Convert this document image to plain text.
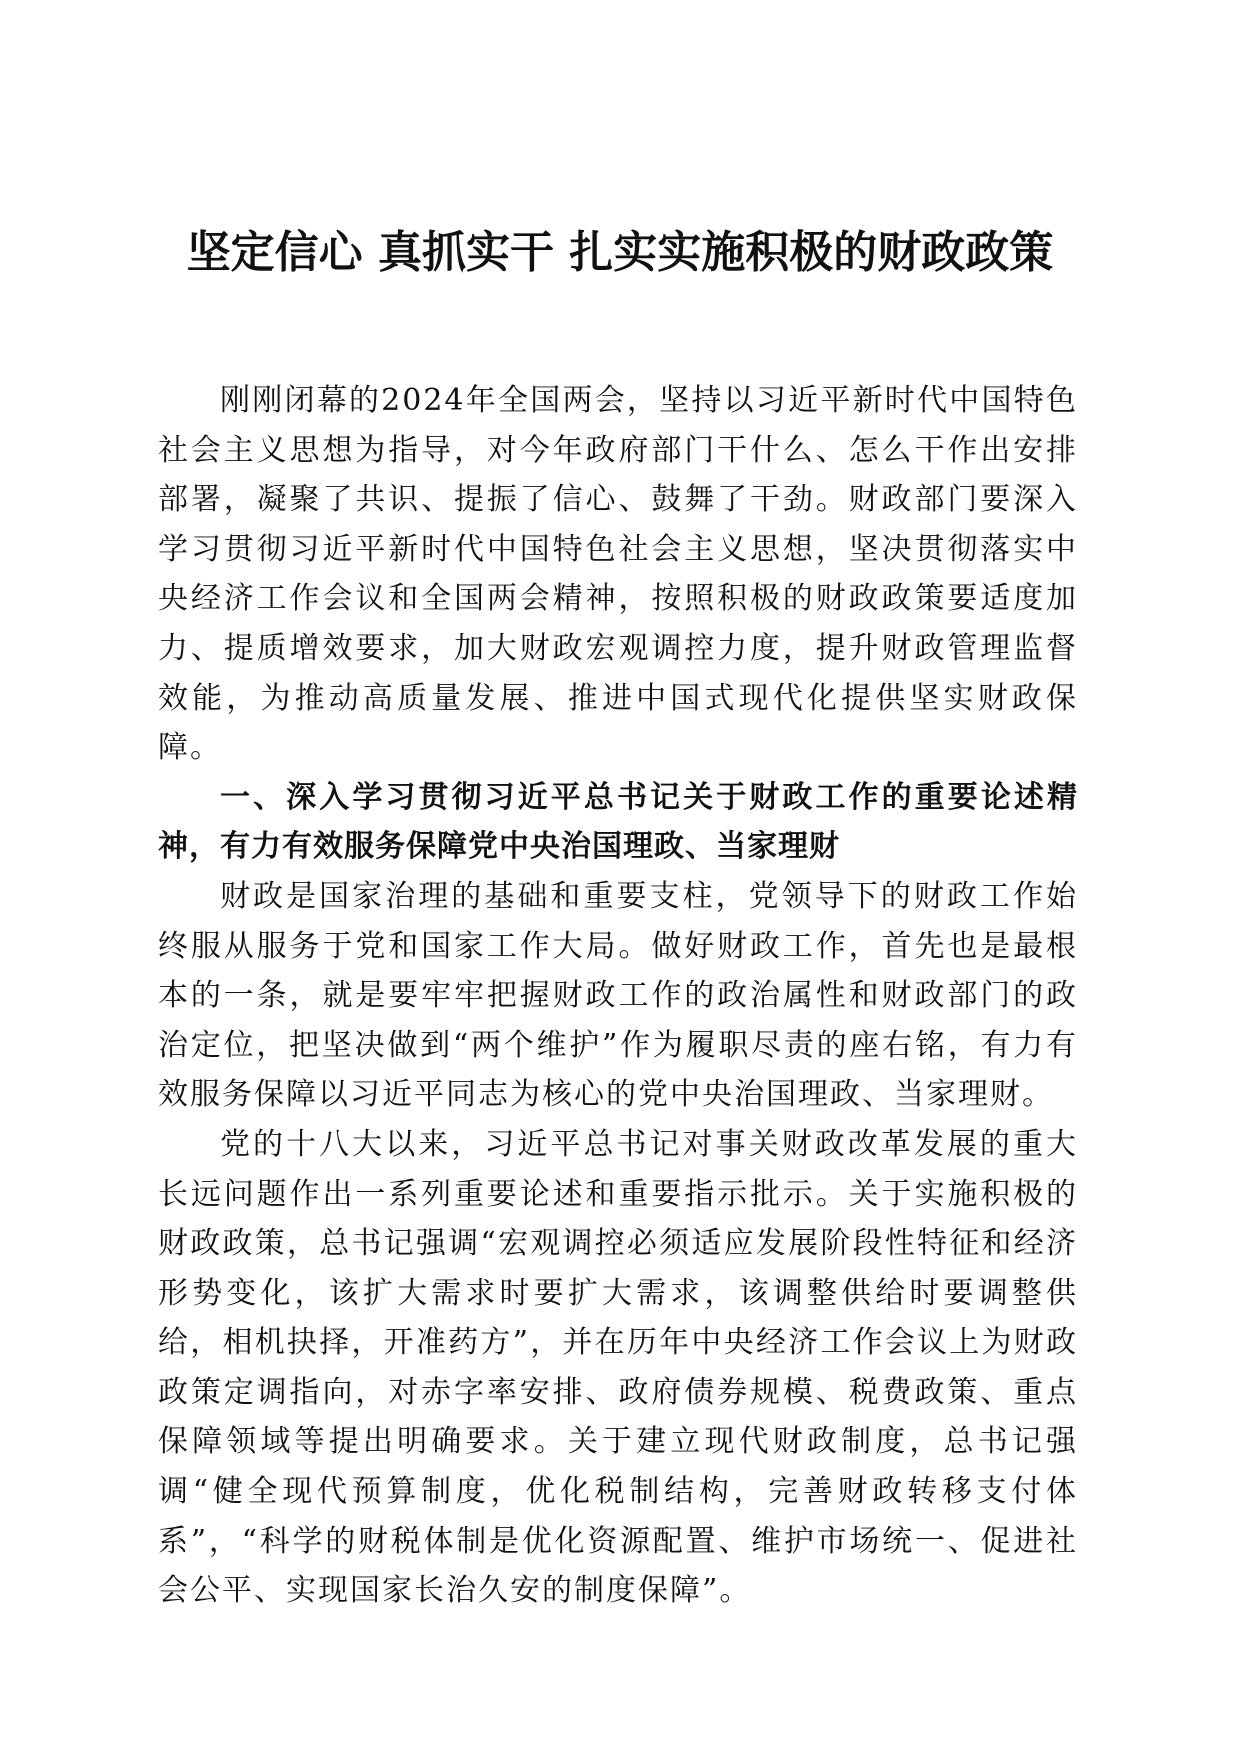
坚定信心 真抓实干 扎实实施积极的财政政策

刚刚闭幕的2024年全国两会，坚持以习近平新时代中国特色社会主义思想为指导，对今年政府部门干什么、怎么干作出安排部署，凝聚了共识、提振了信心、鼓舞了干劲。财政部门要深入学习贯彻习近平新时代中国特色社会主义思想，坚决贯彻落实中央经济工作会议和全国两会精神，按照积极的财政政策要适度加力、提质增效要求，加大财政宏观调控力度，提升财政管理监督效能，为推动高质量发展、推进中国式现代化提供坚实财政保障。

一、深入学习贯彻习近平总书记关于财政工作的重要论述精神，有力有效服务保障党中央治国理政、当家理财

财政是国家治理的基础和重要支柱，党领导下的财政工作始终服从服务于党和国家工作大局。做好财政工作，首先也是最根本的一条，就是要牢牢把握财政工作的政治属性和财政部门的政治定位，把坚决做到“两个维护”作为履职尽责的座右铭，有力有效服务保障以习近平同志为核心的党中央治国理政、当家理财。

党的十八大以来，习近平总书记对事关财政改革发展的重大长远问题作出一系列重要论述和重要指示批示。关于实施积极的财政政策，总书记强调“宏观调控必须适应发展阶段性特征和经济形势变化，该扩大需求时要扩大需求，该调整供给时要调整供给，相机抉择，开准药方”，并在历年中央经济工作会议上为财政政策定调指向，对赤字率安排、政府债券规模、税费政策、重点保障领域等提出明确要求。关于建立现代财政制度，总书记强调“健全现代预算制度，优化税制结构，完善财政转移支付体系”，“科学的财税体制是优化资源配置、维护市场统一、促进社会公平、实现国家长治久安的制度保障”。
